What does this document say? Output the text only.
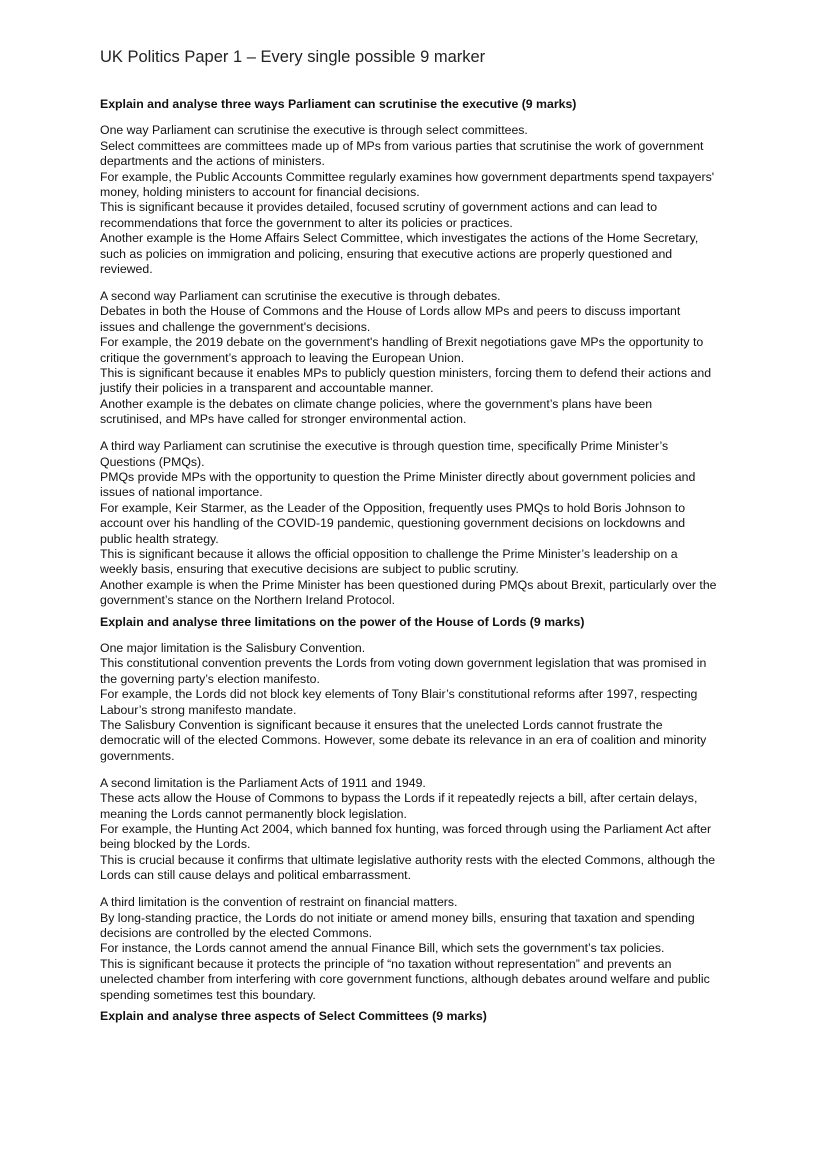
UK Politics Paper 1 – Every single possible 9 marker
Explain and analyse three ways Parliament can scrutinise the executive (9 marks)
One way Parliament can scrutinise the executive is through select committees.
Select committees are committees made up of MPs from various parties that scrutinise the work of government
departments and the actions of ministers.
For example, the Public Accounts Committee regularly examines how government departments spend taxpayers'
money, holding ministers to account for financial decisions.
This is significant because it provides detailed, focused scrutiny of government actions and can lead to
recommendations that force the government to alter its policies or practices.
Another example is the Home Affairs Select Committee, which investigates the actions of the Home Secretary,
such as policies on immigration and policing, ensuring that executive actions are properly questioned and
reviewed.
A second way Parliament can scrutinise the executive is through debates.
Debates in both the House of Commons and the House of Lords allow MPs and peers to discuss important
issues and challenge the government's decisions.
For example, the 2019 debate on the government's handling of Brexit negotiations gave MPs the opportunity to
critique the government’s approach to leaving the European Union.
This is significant because it enables MPs to publicly question ministers, forcing them to defend their actions and
justify their policies in a transparent and accountable manner.
Another example is the debates on climate change policies, where the government’s plans have been
scrutinised, and MPs have called for stronger environmental action.
A third way Parliament can scrutinise the executive is through question time, specifically Prime Minister’s
Questions (PMQs).
PMQs provide MPs with the opportunity to question the Prime Minister directly about government policies and
issues of national importance.
For example, Keir Starmer, as the Leader of the Opposition, frequently uses PMQs to hold Boris Johnson to
account over his handling of the COVID-19 pandemic, questioning government decisions on lockdowns and
public health strategy.
This is significant because it allows the official opposition to challenge the Prime Minister’s leadership on a
weekly basis, ensuring that executive decisions are subject to public scrutiny.
Another example is when the Prime Minister has been questioned during PMQs about Brexit, particularly over the
government’s stance on the Northern Ireland Protocol.
Explain and analyse three limitations on the power of the House of Lords (9 marks)
One major limitation is the Salisbury Convention.
This constitutional convention prevents the Lords from voting down government legislation that was promised in
the governing party’s election manifesto.
For example, the Lords did not block key elements of Tony Blair’s constitutional reforms after 1997, respecting
Labour’s strong manifesto mandate.
The Salisbury Convention is significant because it ensures that the unelected Lords cannot frustrate the
democratic will of the elected Commons. However, some debate its relevance in an era of coalition and minority
governments.
A second limitation is the Parliament Acts of 1911 and 1949.
These acts allow the House of Commons to bypass the Lords if it repeatedly rejects a bill, after certain delays,
meaning the Lords cannot permanently block legislation.
For example, the Hunting Act 2004, which banned fox hunting, was forced through using the Parliament Act after
being blocked by the Lords.
This is crucial because it confirms that ultimate legislative authority rests with the elected Commons, although the
Lords can still cause delays and political embarrassment.
A third limitation is the convention of restraint on financial matters.
By long-standing practice, the Lords do not initiate or amend money bills, ensuring that taxation and spending
decisions are controlled by the elected Commons.
For instance, the Lords cannot amend the annual Finance Bill, which sets the government’s tax policies.
This is significant because it protects the principle of “no taxation without representation” and prevents an
unelected chamber from interfering with core government functions, although debates around welfare and public
spending sometimes test this boundary.
Explain and analyse three aspects of Select Committees (9 marks)
